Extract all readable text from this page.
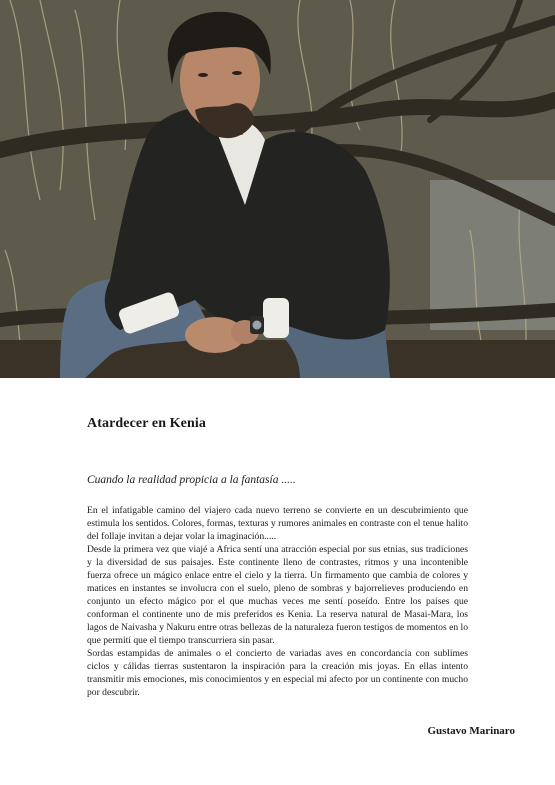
Atardecer en Kenia
Cuando la realidad propicia a la fantasía .....

En el infatigable camino del viajero cada nuevo terreno se convierte en un descubrimiento que estimula los sentidos. Colores, formas, texturas y rumores animales en contraste con el tenue halito del follaje invitan a dejar volar la imaginación.....

Desde la primera vez que viajé a Africa sentí una atracción especial por sus etnias, sus tradiciones y la diversidad de sus paisajes. Este continente lleno de contrastes, ritmos y una incontenible fuerza ofrece un mágico enlace entre el cielo y la tierra. Un firmamento que cambia de colores y matices en instantes se involucra con el suelo, pleno de sombras y bajorrelieves produciendo en conjunto un efecto mágico por el que muchas veces me sentí poseído. Entre los países que conforman el continente uno de mis preferidos es Kenia. La reserva natural de Masai-Mara, los lagos de Naivasha y Nakuru entre otras bellezas de la naturaleza fueron testigos de momentos en lo que permití que el tiempo transcurriera sin pasar.

Sordas estampidas de animales o el concierto de variadas aves en concordancia con sublimes ciclos y cálidas tierras sustentaron la inspiración para la creación mis joyas. En ellas intento transmitir mis emociones, mis conocimientos y en especial mi afecto por un continente con mucho por descubrir.

Gustavo Marinaro
